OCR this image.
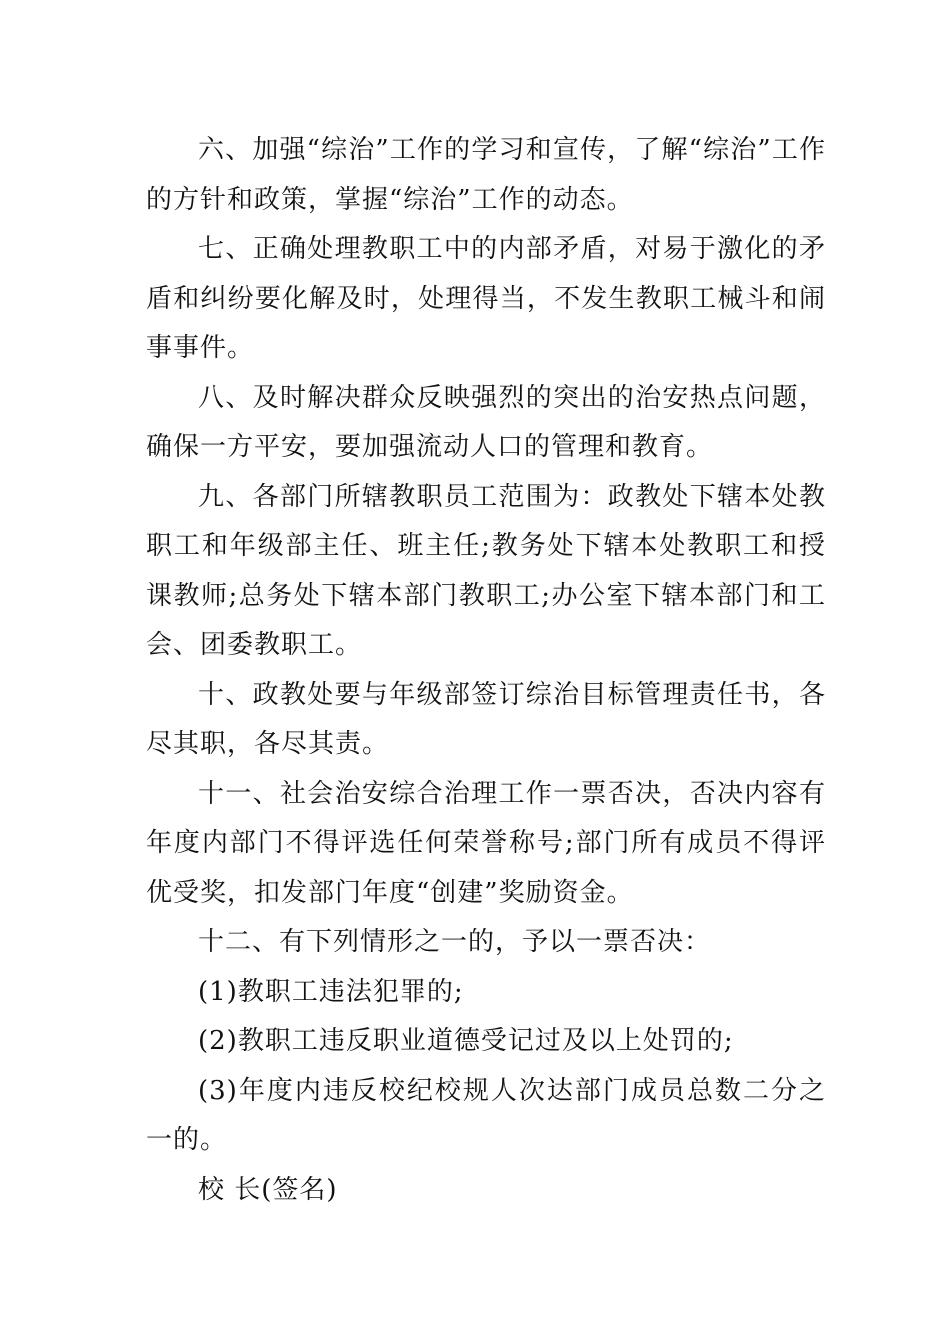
六、加强“综治”工作的学习和宣传，了解“综治”工作的方针和政策，掌握“综治”工作的动态。

七、正确处理教职工中的内部矛盾，对易于激化的矛盾和纠纷要化解及时，处理得当，不发生教职工械斗和闹事事件。

八、及时解决群众反映强烈的突出的治安热点问题，确保一方平安，要加强流动人口的管理和教育。

九、各部门所辖教职员工范围为：政教处下辖本处教职工和年级部主任、班主任;教务处下辖本处教职工和授课教师;总务处下辖本部门教职工;办公室下辖本部门和工会、团委教职工。

十、政教处要与年级部签订综治目标管理责任书，各尽其职，各尽其责。

十一、社会治安综合治理工作一票否决，否决内容有年度内部门不得评选任何荣誉称号;部门所有成员不得评优受奖，扣发部门年度“创建”奖励资金。

十二、有下列情形之一的，予以一票否决：

(1)教职工违法犯罪的;

(2)教职工违反职业道德受记过及以上处罚的;

(3)年度内违反校纪校规人次达部门成员总数二分之一的。

校 长(签名)
